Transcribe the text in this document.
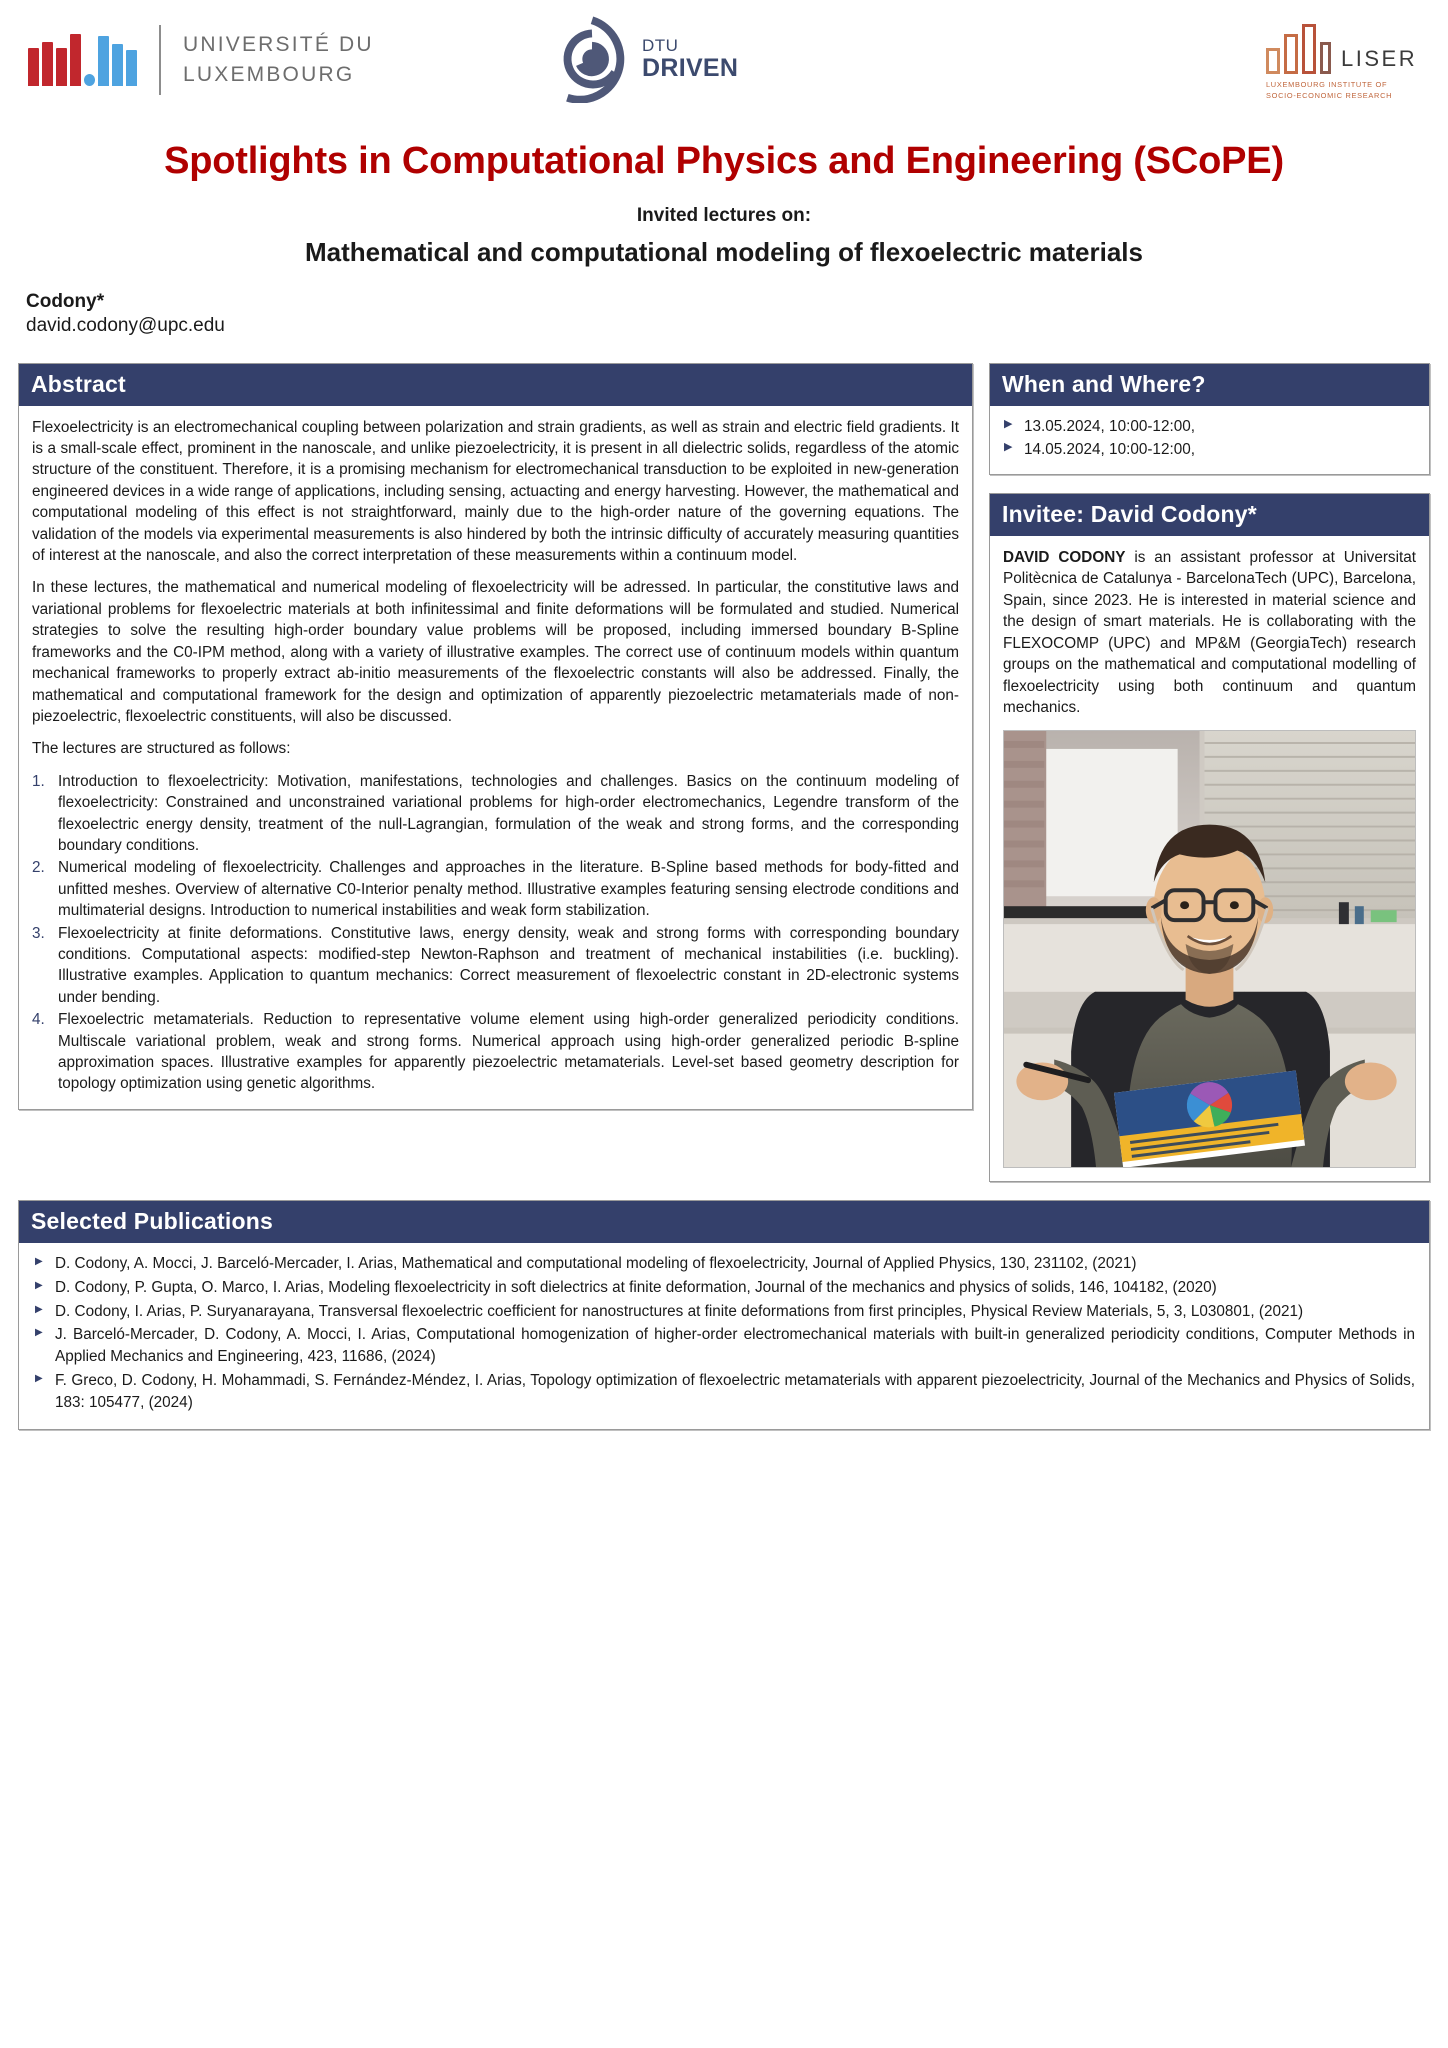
UNIVERSITÉ DU
LUXEMBOURG
DTU
DRIVEN	LISER
LUXEMBOURG INSTITUTE OF
SOCIO-ECONOMIC RESEARCH
Spotlights in Computational Physics and Engineering (SCoPE)
Invited lectures on:
Mathematical and computational modeling of flexoelectric materials
Codony*
david.codony@upc.edu
Abstract

Flexoelectricity is an electromechanical coupling between polarization and strain gradients, as well as strain and electric field gradients. It is a small-scale effect, prominent in the nanoscale, and unlike piezoelectricity, it is present in all dielectric solids, regardless of the atomic structure of the constituent. Therefore, it is a promising mechanism for electromechanical transduction to be exploited in new-generation engineered devices in a wide range of applications, including sensing, actuacting and energy harvesting. However, the mathematical and computational modeling of this effect is not straightforward, mainly due to the high-order nature of the governing equations. The validation of the models via experimental measurements is also hindered by both the intrinsic difficulty of accurately measuring quantities of interest at the nanoscale, and also the correct interpretation of these measurements within a continuum model.

In these lectures, the mathematical and numerical modeling of flexoelectricity will be adressed. In particular, the constitutive laws and variational problems for flexoelectric materials at both infinitessimal and finite deformations will be formulated and studied. Numerical strategies to solve the resulting high-order boundary value problems will be proposed, including immersed boundary B-Spline frameworks and the C0-IPM method, along with a variety of illustrative examples. The correct use of continuum models within quantum mechanical frameworks to properly extract ab-initio measurements of the flexoelectric constants will also be addressed. Finally, the mathematical and computational framework for the design and optimization of apparently piezoelectric metamaterials made of non-piezoelectric, flexoelectric constituents, will also be discussed.

The lectures are structured as follows:

Introduction to flexoelectricity: Motivation, manifestations, technologies and challenges. Basics on the continuum modeling of flexoelectricity: Constrained and unconstrained variational problems for high-order electromechanics, Legendre transform of the flexoelectric energy density, treatment of the null-Lagrangian, formulation of the weak and strong forms, and the corresponding boundary conditions.
Numerical modeling of flexoelectricity. Challenges and approaches in the literature. B-Spline based methods for body-fitted and unfitted meshes. Overview of alternative C0-Interior penalty method. Illustrative examples featuring sensing electrode conditions and multimaterial designs. Introduction to numerical instabilities and weak form stabilization.
Flexoelectricity at finite deformations. Constitutive laws, energy density, weak and strong forms with corresponding boundary conditions. Computational aspects: modified-step Newton-Raphson and treatment of mechanical instabilities (i.e. buckling). Illustrative examples. Application to quantum mechanics: Correct measurement of flexoelectric constant in 2D-electronic systems under bending.
Flexoelectric metamaterials. Reduction to representative volume element using high-order generalized periodicity conditions. Multiscale variational problem, weak and strong forms. Numerical approach using high-order generalized periodic B-spline approximation spaces. Illustrative examples for apparently piezoelectric metamaterials. Level-set based geometry description for topology optimization using genetic algorithms.
When and Where?
▶ 13.05.2024, 10:00-12:00,
▶ 14.05.2024, 10:00-12:00,
Invitee: David Codony*
DAVID CODONY is an assistant professor at Universitat Politècnica de Catalunya - BarcelonaTech (UPC), Barcelona, Spain, since 2023. He is interested in material science and the design of smart materials. He is collaborating with the FLEXOCOMP (UPC) and MP&M (GeorgiaTech) research groups on the mathematical and computational modelling of flexoelectricity using both continuum and quantum mechanics.
Selected Publications
▶ D. Codony, A. Mocci, J. Barceló-Mercader, I. Arias, Mathematical and computational modeling of flexoelectricity, Journal of Applied Physics, 130, 231102, (2021)
▶ D. Codony, P. Gupta, O. Marco, I. Arias, Modeling flexoelectricity in soft dielectrics at finite deformation, Journal of the mechanics and physics of solids, 146, 104182, (2020)
▶ D. Codony, I. Arias, P. Suryanarayana, Transversal flexoelectric coefficient for nanostructures at finite deformations from first principles, Physical Review Materials, 5, 3, L030801, (2021)
▶ J. Barceló-Mercader, D. Codony, A. Mocci, I. Arias, Computational homogenization of higher-order electromechanical materials with built-in generalized periodicity conditions, Computer Methods in Applied Mechanics and Engineering, 423, 11686, (2024)
▶ F. Greco, D. Codony, H. Mohammadi, S. Fernández-Méndez, I. Arias, Topology optimization of flexoelectric metamaterials with apparent piezoelectricity, Journal of the Mechanics and Physics of Solids, 183: 105477, (2024)
